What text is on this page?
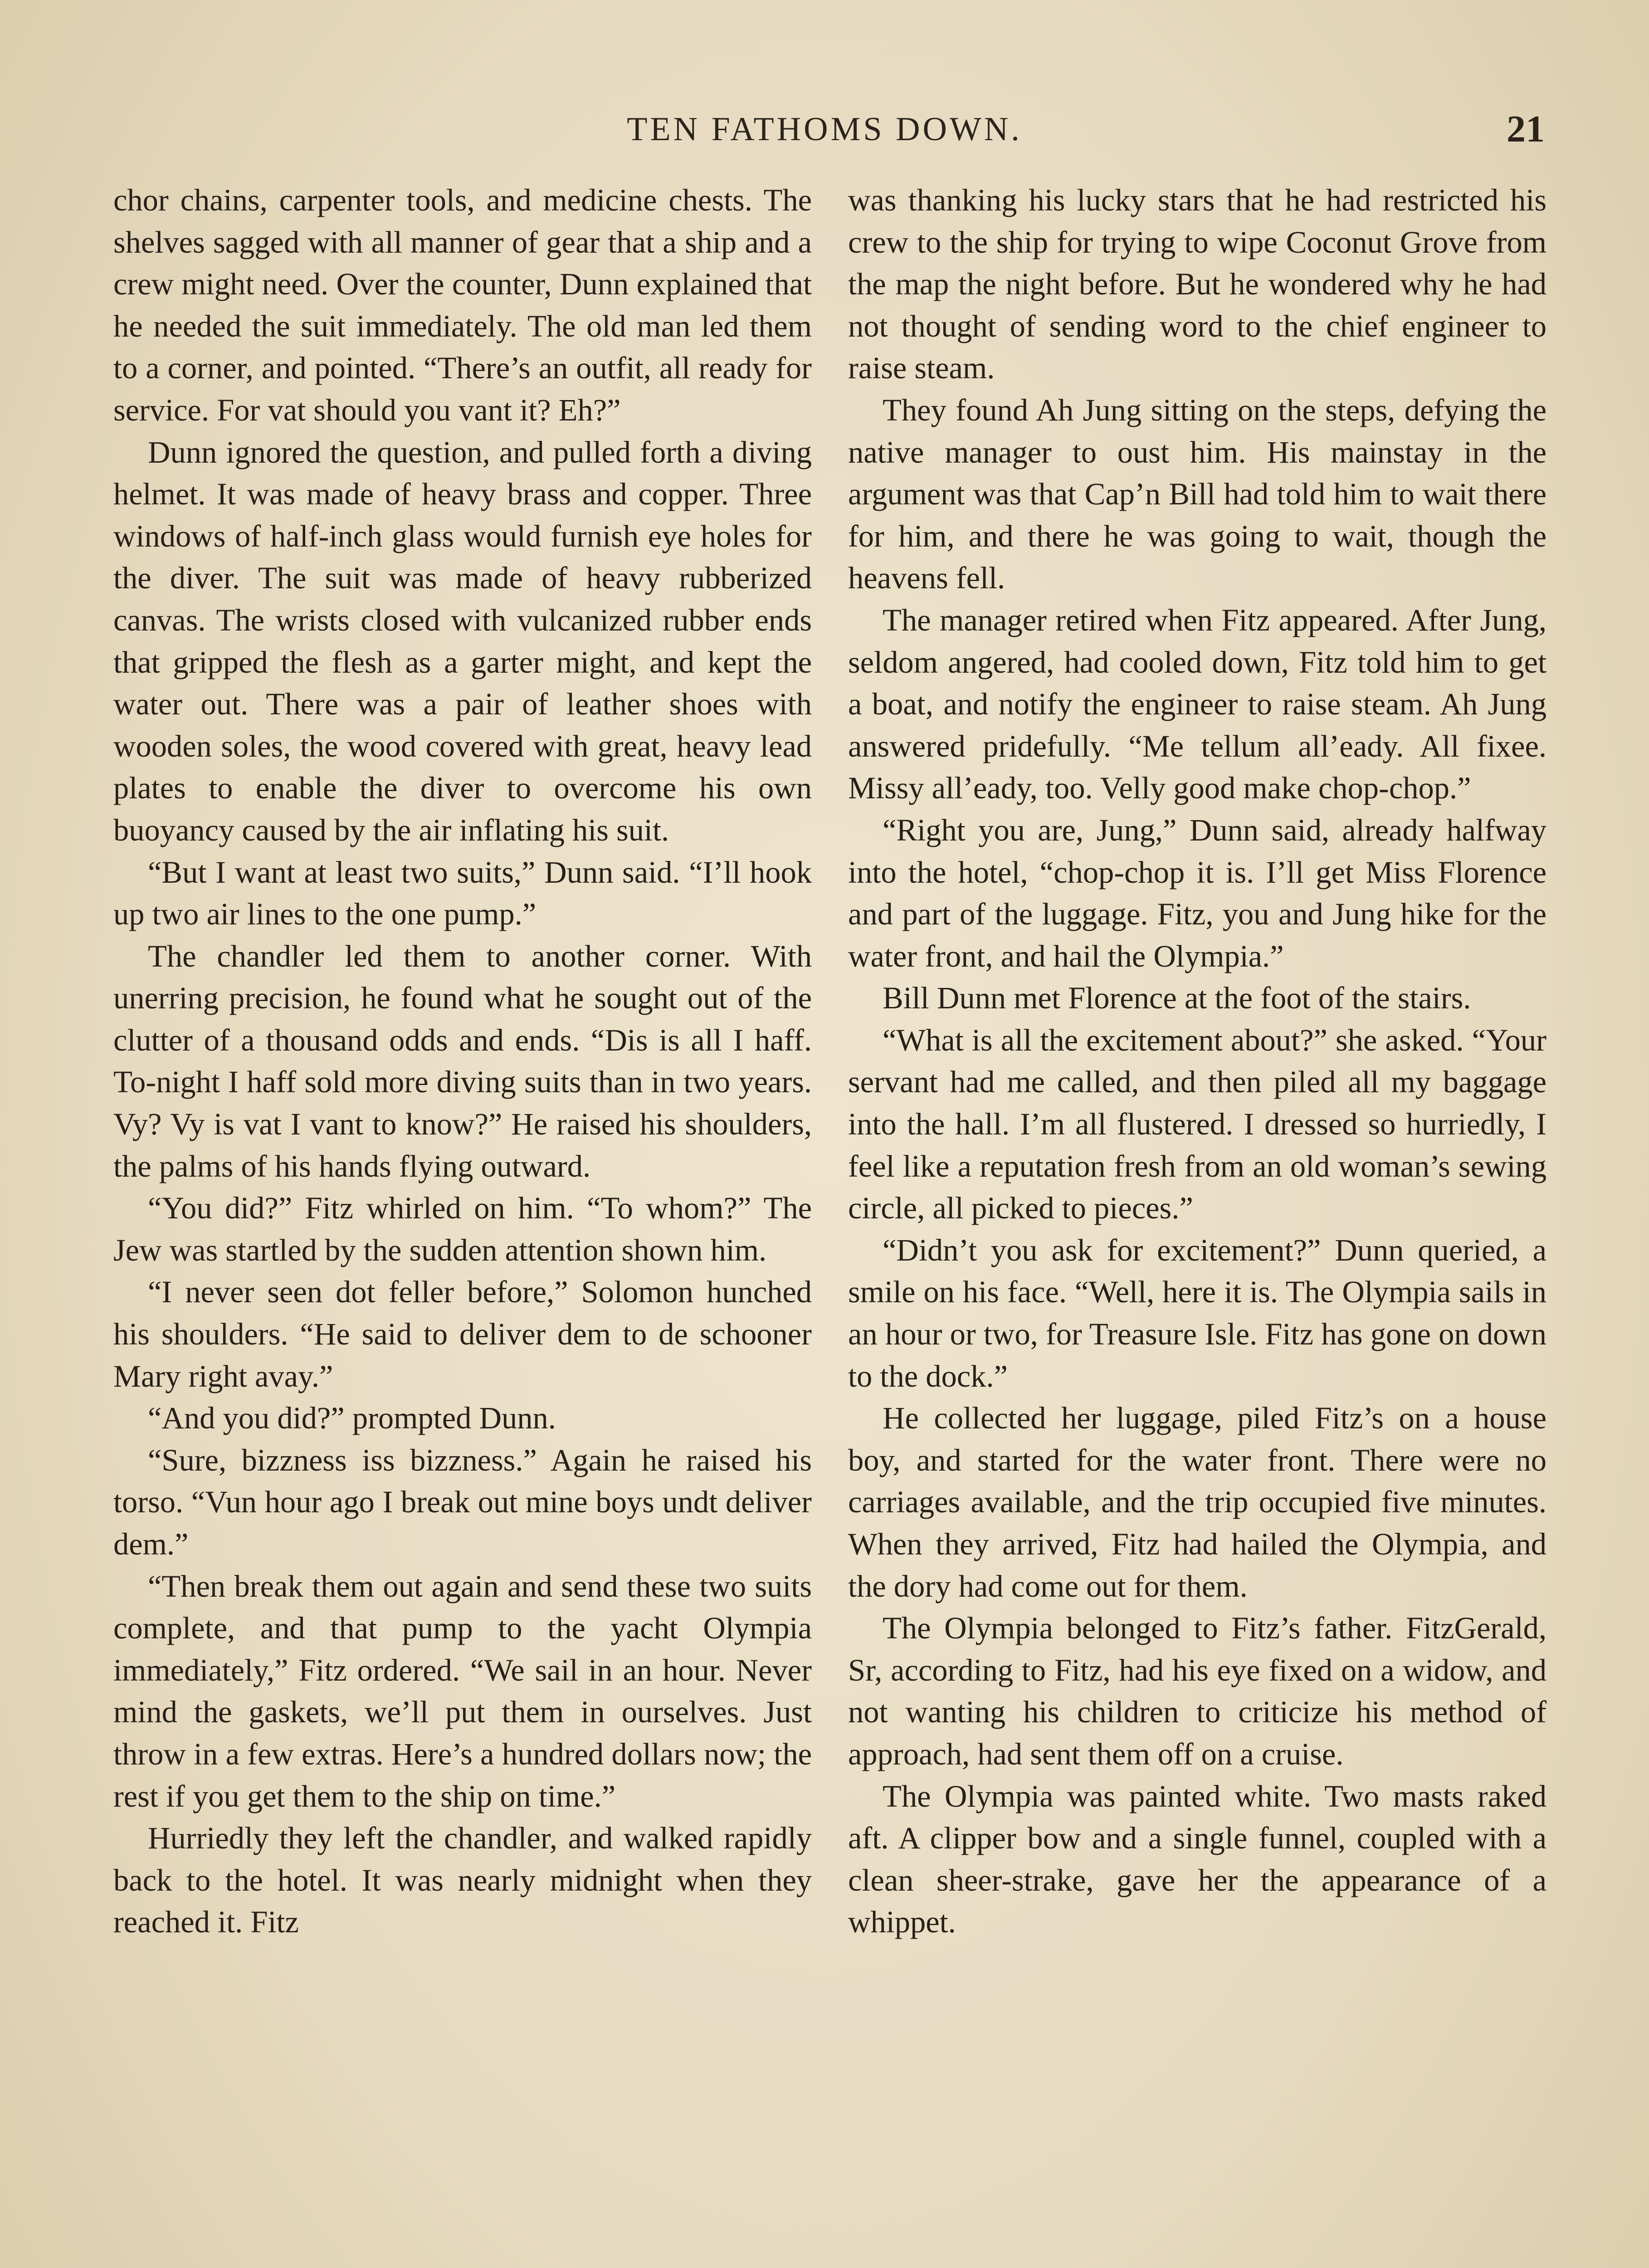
TEN FATHOMS DOWN.	21

chor chains, carpenter tools, and medicine chests. The shelves sagged with all manner of gear that a ship and a crew might need. Over the counter, Dunn explained that he needed the suit immediately. The old man led them to a corner, and pointed. “There’s an outfit, all ready for service. For vat should you vant it? Eh?”

Dunn ignored the question, and pulled forth a diving helmet. It was made of heavy brass and copper. Three windows of half-inch glass would furnish eye holes for the diver. The suit was made of heavy rubberized canvas. The wrists closed with vulcanized rubber ends that gripped the flesh as a garter might, and kept the water out. There was a pair of leather shoes with wooden soles, the wood covered with great, heavy lead plates to enable the diver to overcome his own buoyancy caused by the air inflating his suit.

“But I want at least two suits,” Dunn said. “I’ll hook up two air lines to the one pump.”

The chandler led them to another corner. With unerring precision, he found what he sought out of the clutter of a thousand odds and ends. “Dis is all I haff. To-night I haff sold more diving suits than in two years. Vy? Vy is vat I vant to know?” He raised his shoulders, the palms of his hands flying outward.

“You did?” Fitz whirled on him. “To whom?” The Jew was startled by the sudden attention shown him.

“I never seen dot feller before,” Solomon hunched his shoulders. “He said to deliver dem to de schooner Mary right avay.”

“And you did?” prompted Dunn.

“Sure, bizzness iss bizzness.” Again he raised his torso. “Vun hour ago I break out mine boys undt deliver dem.”

“Then break them out again and send these two suits complete, and that pump to the yacht Olympia immediately,” Fitz ordered. “We sail in an hour. Never mind the gaskets, we’ll put them in ourselves. Just throw in a few extras. Here’s a hundred dollars now; the rest if you get them to the ship on time.”

Hurriedly they left the chandler, and walked rapidly back to the hotel. It was nearly midnight when they reached it. Fitz

was thanking his lucky stars that he had restricted his crew to the ship for trying to wipe Coconut Grove from the map the night before. But he wondered why he had not thought of sending word to the chief engineer to raise steam.

They found Ah Jung sitting on the steps, defying the native manager to oust him. His mainstay in the argument was that Cap’n Bill had told him to wait there for him, and there he was going to wait, though the heavens fell.

The manager retired when Fitz appeared. After Jung, seldom angered, had cooled down, Fitz told him to get a boat, and notify the engineer to raise steam. Ah Jung answered pridefully. “Me tellum all’eady. All fixee. Missy all’eady, too. Velly good make chop-chop.”

“Right you are, Jung,” Dunn said, already halfway into the hotel, “chop-chop it is. I’ll get Miss Florence and part of the luggage. Fitz, you and Jung hike for the water front, and hail the Olympia.”

Bill Dunn met Florence at the foot of the stairs.

“What is all the excitement about?” she asked. “Your servant had me called, and then piled all my baggage into the hall. I’m all flustered. I dressed so hurriedly, I feel like a reputation fresh from an old woman’s sewing circle, all picked to pieces.”

“Didn’t you ask for excitement?” Dunn queried, a smile on his face. “Well, here it is. The Olympia sails in an hour or two, for Treasure Isle. Fitz has gone on down to the dock.”

He collected her luggage, piled Fitz’s on a house boy, and started for the water front. There were no carriages available, and the trip occupied five minutes. When they arrived, Fitz had hailed the Olympia, and the dory had come out for them.

The Olympia belonged to Fitz’s father. FitzGerald, Sr, according to Fitz, had his eye fixed on a widow, and not wanting his children to criticize his method of approach, had sent them off on a cruise.

The Olympia was painted white. Two masts raked aft. A clipper bow and a single funnel, coupled with a clean sheer-strake, gave her the appearance of a whippet.
